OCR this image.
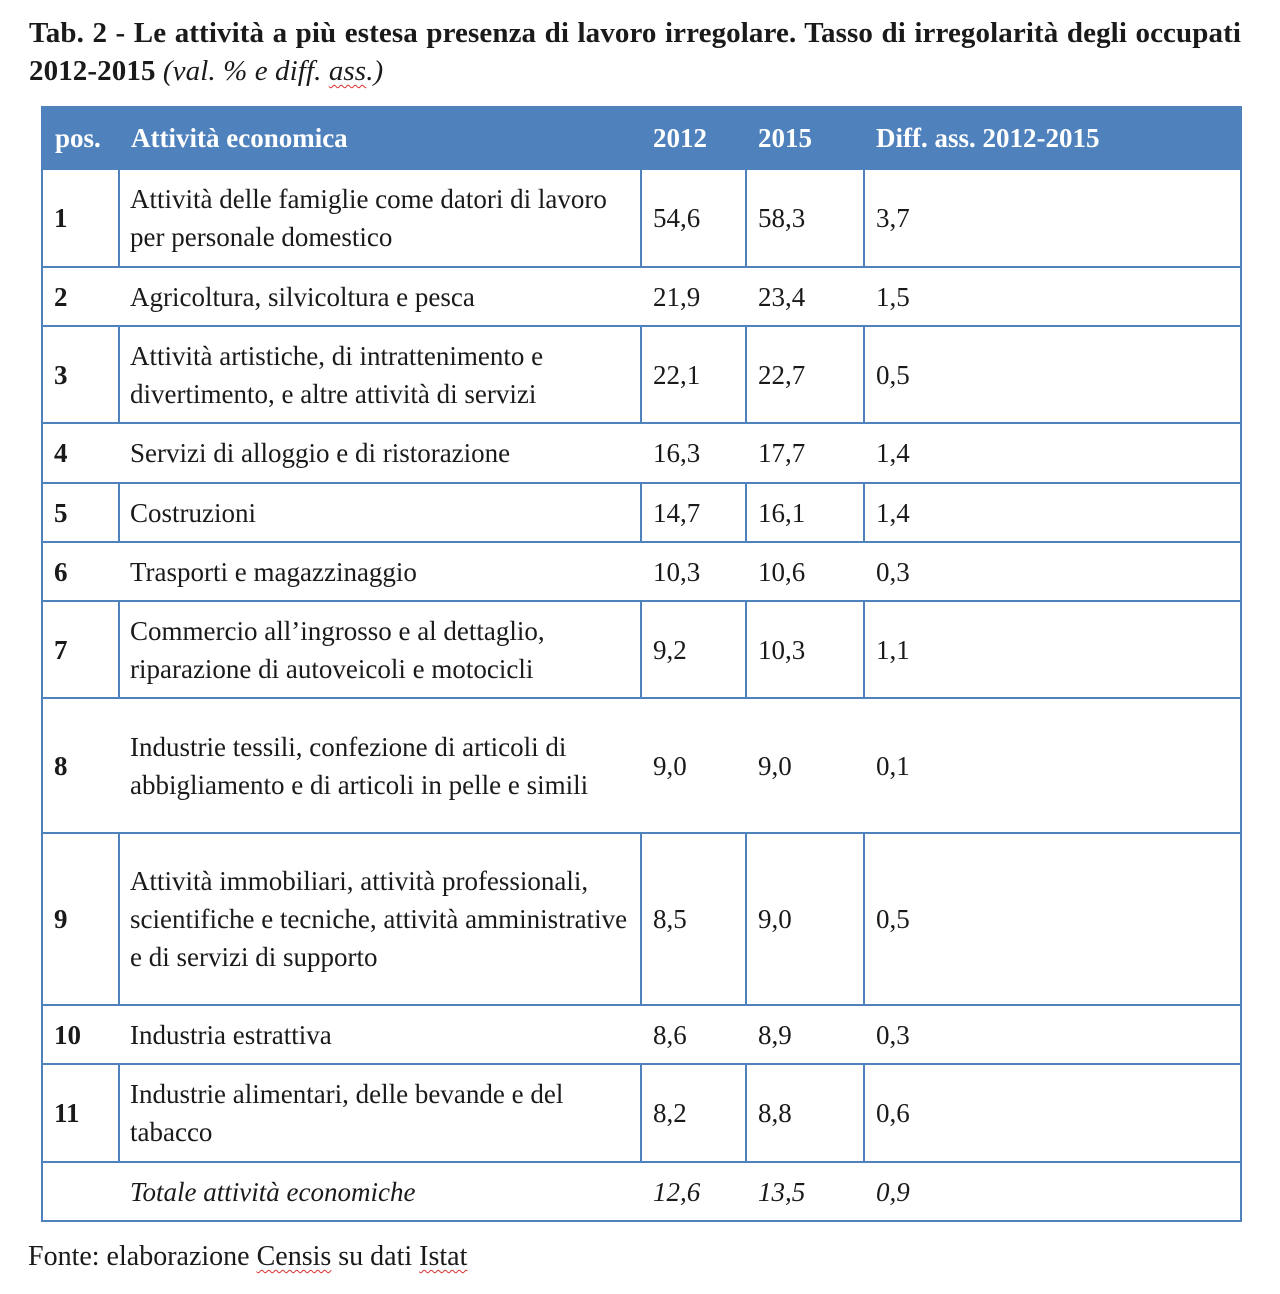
Tab. 2 - Le attività a più estesa presenza di lavoro irregolare. Tasso di irregolarità degli occupati 2012-2015 (val. % e diff. ass.)
pos.	Attività economica	2012	2015	Diff. ass. 2012-2015
1	Attività delle famiglie come datori di lavoro per personale domestico	54,6	58,3	3,7
2	Agricoltura, silvicoltura e pesca	21,9	23,4	1,5
3	Attività artistiche, di intrattenimento e divertimento, e altre attività di servizi	22,1	22,7	0,5
4	Servizi di alloggio e di ristorazione	16,3	17,7	1,4
5	Costruzioni	14,7	16,1	1,4
6	Trasporti e magazzinaggio	10,3	10,6	0,3
7	Commercio all’ingrosso e al dettaglio, riparazione di autoveicoli e motocicli	9,2	10,3	1,1
8	Industrie tessili, confezione di articoli di abbigliamento e di articoli in pelle e simili	9,0	9,0	0,1
9	Attività immobiliari, attività professionali, scientifiche e tecniche, attività amministrative e di servizi di supporto	8,5	9,0	0,5
10	Industria estrattiva	8,6	8,9	0,3
11	Industrie alimentari, delle bevande e del tabacco	8,2	8,8	0,6
	Totale attività economiche	12,6	13,5	0,9
Fonte: elaborazione Censis su dati Istat
